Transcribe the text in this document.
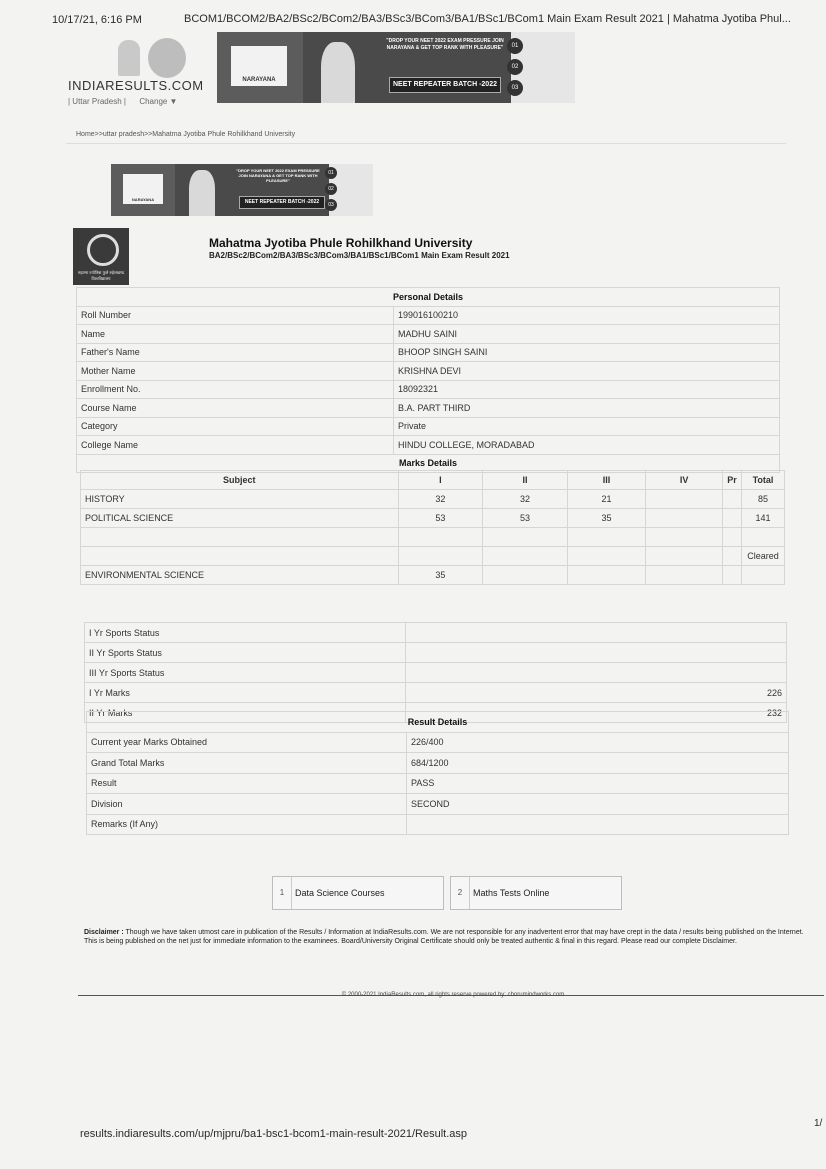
10/17/21, 6:16 PM	BCOM1/BCOM2/BA2/BSc2/BCom2/BA3/BSc3/BCom3/BA1/BSc1/BCom1 Main Exam Result 2021 | Mahatma Jyotiba Phul...
INDIARESULTS.COM
| Uttar Pradesh | Change ▼
NARAYANA
"DROP YOUR NEET 2022 EXAM PRESSURE JOIN NARAYANA & GET TOP RANK WITH PLEASURE"
NEET REPEATER BATCH -2022
01
02
03
Home>>uttar pradesh>>Mahatma Jyotiba Phule Rohilkhand University
NARAYANA
"DROP YOUR NEET 2022 EXAM PRESSURE JOIN NARAYANA & GET TOP RANK WITH PLEASURE"
NEET REPEATER BATCH -2022
01
02
03
महात्मा ज्योतिबा फुले रुहेलखण्ड विश्वविद्यालय
Mahatma Jyotiba Phule Rohilkhand University
BA2/BSc2/BCom2/BA3/BSc3/BCom3/BA1/BSc1/BCom1 Main Exam Result 2021
Personal Details	
Roll Number	199016100210
Name	MADHU SAINI
Father's Name	BHOOP SINGH SAINI
Mother Name	KRISHNA DEVI
Enrollment No.	18092321
Course Name	B.A. PART THIRD
Category	Private
College Name	HINDU COLLEGE, MORADABAD
Marks Details	
Subject	I	II	III	IV	Pr	Total
HISTORY	32	32	21			85
POLITICAL SCIENCE	53	53	35			141

						Cleared
ENVIRONMENTAL SCIENCE	35					
I Yr Sports Status	
II Yr Sports Status	
III Yr Sports Status	
I Yr Marks	226
II Yr Marks	232
Result Details	
Current year Marks Obtained	226/400
Grand Total Marks	684/1200
Result	PASS
Division	SECOND
Remarks (If Any)	
1	Data Science Courses	2	Maths Tests Online
Disclaimer : Though we have taken utmost care in publication of the Results / Information at IndiaResults.com. We are not responsible for any inadvertent error that may have crept in the data / results being published on the Internet. This is being published on the net just for immediate information to the examinees. Board/University Original Certificate should only be treated authentic & final in this regard. Please read our complete Disclaimer.
© 2000-2021 IndiaResults.com, all rights reserve powered by: chorumindworks.com
results.indiaresults.com/up/mjpru/ba1-bsc1-bcom1-main-result-2021/Result.asp
1/
